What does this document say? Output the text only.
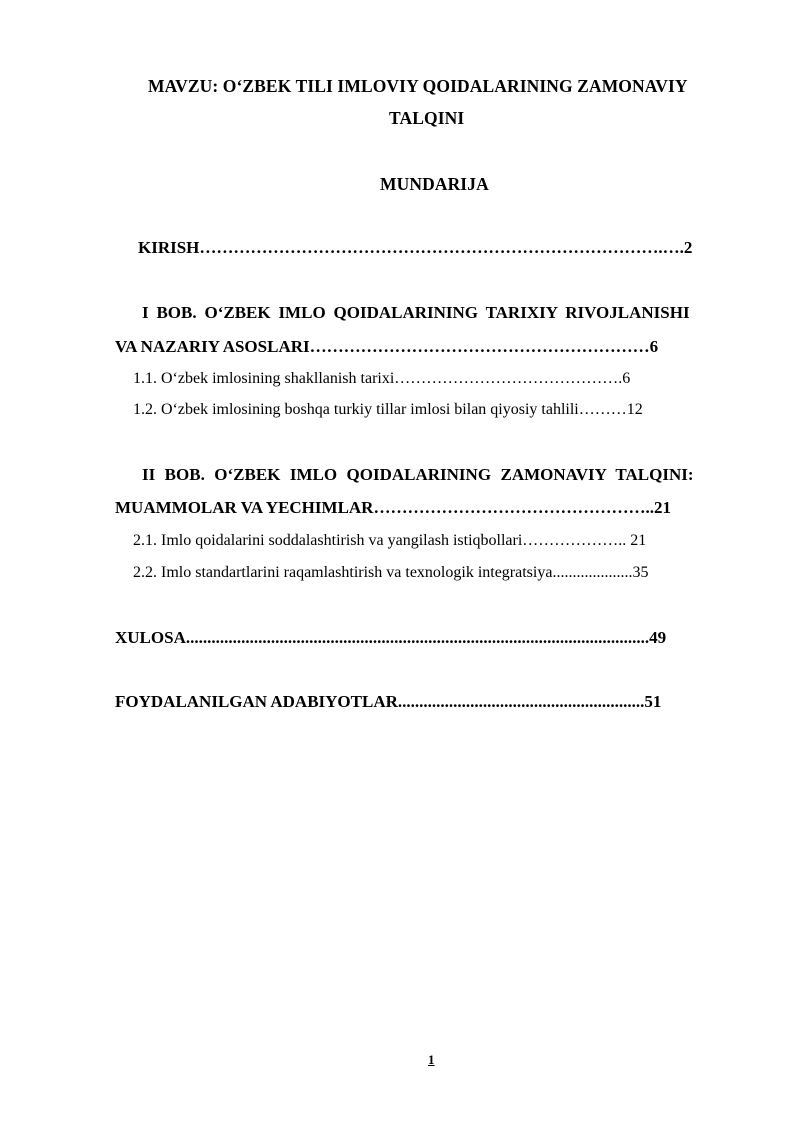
MAVZU: O‘ZBEK TILI IMLOVIY QOIDALARINING ZAMONAVIY
TALQINI
MUNDARIJA
KIRISH……………………………………………………………………….….2
I BOB. O‘ZBEK IMLO QOIDALARINING TARIXIY RIVOJLANISHI
VA NAZARIY ASOSLARI……………………………………………………6
1.1. O‘zbek imlosining shakllanish tarixi…………………………………….6
1.2. O‘zbek imlosining boshqa turkiy tillar imlosi bilan qiyosiy tahlili………12
II BOB. O‘ZBEK IMLO QOIDALARINING ZAMONAVIY TALQINI:
MUAMMOLAR VA YECHIMLAR…………………………………………..21
2.1. Imlo qoidalarini soddalashtirish va yangilash istiqbollari……………….. 21
2.2. Imlo standartlarini raqamlashtirish va texnologik integratsiya....................35
XULOSA.............................................................................................................49
FOYDALANILGAN ADABIYOTLAR..........................................................51
1
